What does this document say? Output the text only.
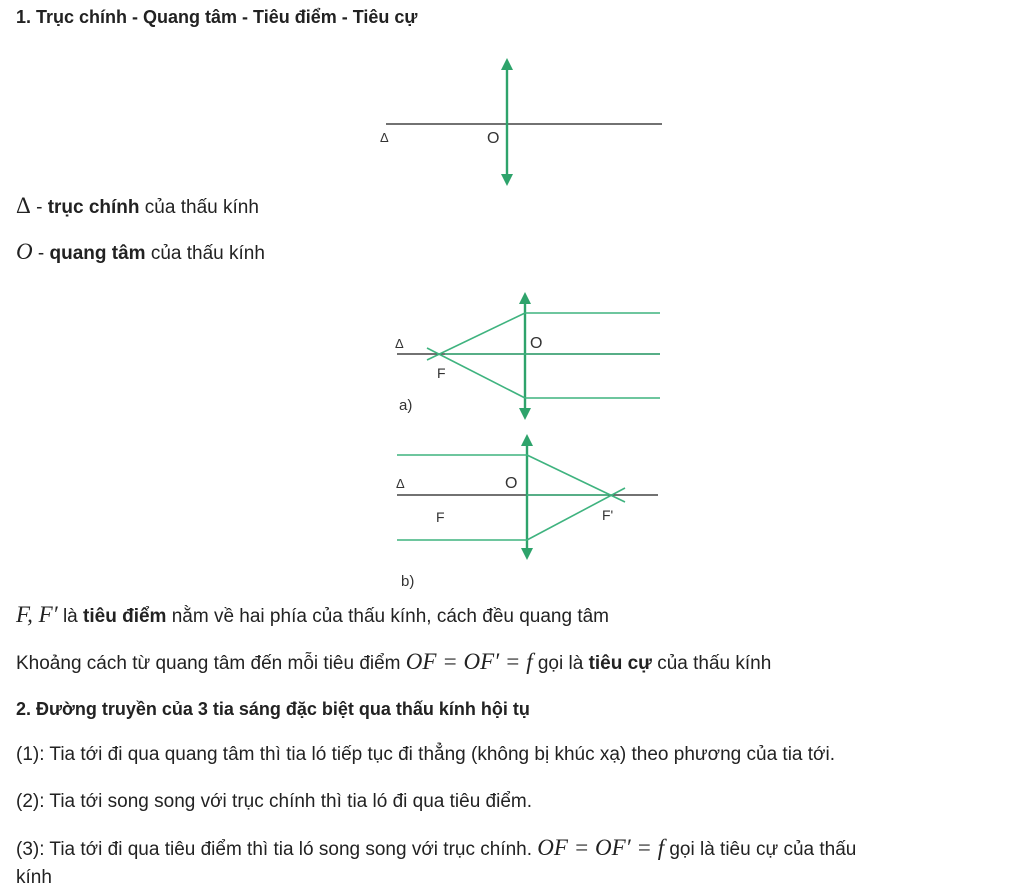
1. Trục chính - Quang tâm - Tiêu điểm - Tiêu cự
Δ	O
Δ - trục chính của thấu kính
O - quang tâm của thấu kính
Δ	O
F
a)
Δ	O
F	F'
b)
F, F′ là tiêu điểm nằm về hai phía của thấu kính, cách đều quang tâm
Khoảng cách từ quang tâm đến mỗi tiêu điểm OF = OF′ = f gọi là tiêu cự của thấu kính
2. Đường truyền của 3 tia sáng đặc biệt qua thấu kính hội tụ
(1): Tia tới đi qua quang tâm thì tia ló tiếp tục đi thẳng (không bị khúc xạ) theo phương của tia tới.
(2): Tia tới song song với trục chính thì tia ló đi qua tiêu điểm.
(3): Tia tới đi qua tiêu điểm thì tia ló song song với trục chính. OF = OF′ = f gọi là tiêu cự của thấu
kính
